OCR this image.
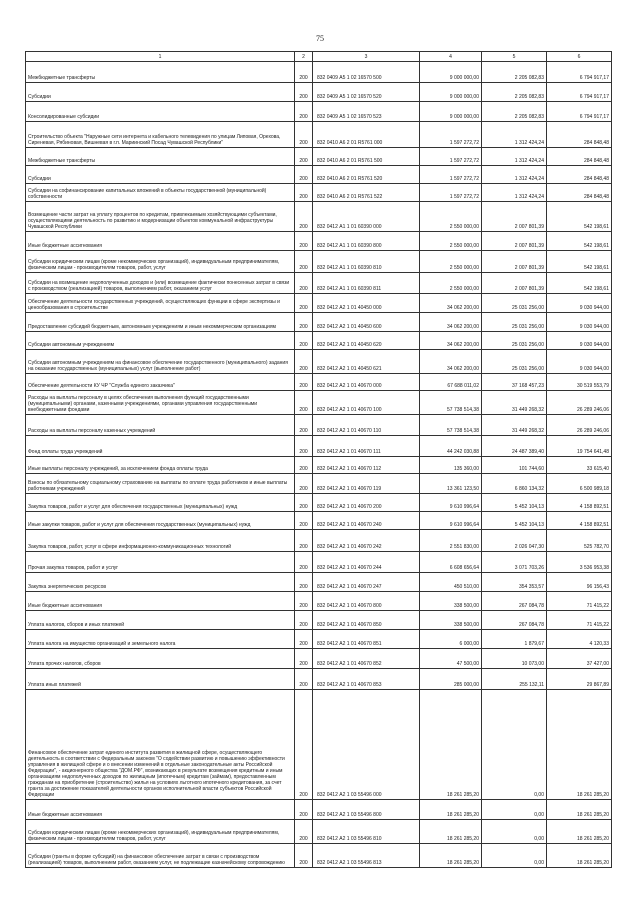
75
1	2	3	4	5	6
Межбюджетные трансферты	200	832 0409 А5 1 02 16570 500	9 000 000,00	2 205 082,83	6 794 917,17
Субсидии	200	832 0409 А5 1 02 16570 520	9 000 000,00	2 205 082,83	6 794 917,17
Консолидированные субсидии	200	832 0409 А5 1 02 16570 523	9 000 000,00	2 205 082,83	6 794 917,17
Строительство объекта "Наружные сети интернета и кабельного телевидения по улицам Липовая, Орехова, Сиреневая, Рябиновая, Вишневая в г.п. Мариинский Посад Чувашской Республики"	200	832 0410 А6 2 01 R5761 000	1 597 272,72	1 312 424,24	284 848,48
Межбюджетные трансферты	200	832 0410 А6 2 01 R5761 500	1 597 272,72	1 312 424,24	284 848,48
Субсидии	200	832 0410 А6 2 01 R5761 520	1 597 272,72	1 312 424,24	284 848,48
Субсидии на софинансирование капитальных вложений в объекты государственной (муниципальной) собственности	200	832 0410 А6 2 01 R5761 522	1 597 272,72	1 312 424,24	284 848,48
Возмещение части затрат на уплату процентов по кредитам, привлекаемым хозяйствующими субъектами, осуществляющими деятельность по развитию и модернизации объектов коммунальной инфраструктуры Чувашской Республики	200	832 0412 А1 1 01 60390 000	2 550 000,00	2 007 801,39	542 198,61
Иные бюджетные ассигнования	200	832 0412 А1 1 01 60390 800	2 550 000,00	2 007 801,39	542 198,61
Субсидии юридическим лицам (кроме некоммерческих организаций), индивидуальным предпринимателям, физическим лицам - производителям товаров, работ, услуг	200	832 0412 А1 1 01 60390 810	2 550 000,00	2 007 801,39	542 198,61
Субсидии на возмещение недополученных доходов и (или) возмещение фактически понесенных затрат в связи с производством (реализацией) товаров, выполнением работ, оказанием услуг	200	832 0412 А1 1 01 60390 811	2 550 000,00	2 007 801,39	542 198,61
Обеспечение деятельности государственных учреждений, осуществляющих функции в сфере экспертизы и ценообразования в строительстве	200	832 0412 А2 1 01 40450 000	34 062 200,00	25 031 256,00	9 030 944,00
Предоставление субсидий бюджетным, автономным учреждениям и иным некоммерческим организациям	200	832 0412 А2 1 01 40450 600	34 062 200,00	25 031 256,00	9 030 944,00
Субсидии автономным учреждениям	200	832 0412 А2 1 01 40450 620	34 062 200,00	25 031 256,00	9 030 944,00
Субсидии автономным учреждениям на финансовое обеспечение государственного (муниципального) задания на оказание государственных (муниципальных) услуг (выполнение работ)	200	832 0412 А2 1 01 40450 621	34 062 200,00	25 031 256,00	9 030 944,00
Обеспечение деятельности КУ ЧР "Служба единого заказчика"	200	832 0412 А2 1 01 40670 000	67 688 011,02	37 168 457,23	30 519 553,79
Расходы на выплаты персоналу в целях обеспечения выполнения функций государственными (муниципальными) органами, казенными учреждениями, органами управления государственными внебюджетными фондами	200	832 0412 А2 1 01 40670 100	57 738 514,38	31 449 268,32	26 289 246,06
Расходы на выплаты персоналу казенных учреждений	200	832 0412 А2 1 01 40670 110	57 738 514,38	31 449 268,32	26 289 246,06
Фонд оплаты труда учреждений	200	832 0412 А2 1 01 40670 111	44 242 030,88	24 487 389,40	19 754 641,48
Иные выплаты персоналу учреждений, за исключением фонда оплаты труда	200	832 0412 А2 1 01 40670 112	135 360,00	101 744,60	33 615,40
Взносы по обязательному социальному страхованию на выплаты по оплате труда работников и иные выплаты работникам учреждений	200	832 0412 А2 1 01 40670 119	13 361 123,50	6 860 134,32	6 500 989,18
Закупка товаров, работ и услуг для обеспечения государственных (муниципальных) нужд	200	832 0412 А2 1 01 40670 200	9 610 996,64	5 452 104,13	4 158 892,51
Иные закупки товаров, работ и услуг для обеспечения государственных (муниципальных) нужд	200	832 0412 А2 1 01 40670 240	9 610 996,64	5 452 104,13	4 158 892,51
Закупка товаров, работ, услуг в сфере информационно-коммуникационных технологий	200	832 0412 А2 1 01 40670 242	2 551 830,00	2 026 047,30	525 782,70
Прочая закупка товаров, работ и услуг	200	832 0412 А2 1 01 40670 244	6 608 656,64	3 071 703,26	3 536 953,38
Закупка энергетических ресурсов	200	832 0412 А2 1 01 40670 247	450 510,00	354 353,57	96 156,43
Иные бюджетные ассигнования	200	832 0412 А2 1 01 40670 800	338 500,00	267 084,78	71 415,22
Уплата налогов, сборов и иных платежей	200	832 0412 А2 1 01 40670 850	338 500,00	267 084,78	71 415,22
Уплата налога на имущество организаций и земельного налога	200	832 0412 А2 1 01 40670 851	6 000,00	1 879,67	4 120,33
Уплата прочих налогов, сборов	200	832 0412 А2 1 01 40670 852	47 500,00	10 073,00	37 427,00
Уплата иных платежей	200	832 0412 А2 1 01 40670 853	285 000,00	255 132,11	29 867,89
Финансовое обеспечение затрат единого института развития в жилищной сфере, осуществляющего деятельность в соответствии с Федеральным законом "О содействии развитию и повышению эффективности управления в жилищной сфере и о внесении изменений в отдельные законодательные акты Российской Федерации", - акционерного общества "ДОМ.РФ", возникающих в результате возмещения кредитным и иным организациям недополученных доходов по жилищным (ипотечным) кредитам (займам), предоставленным гражданам на приобретение (строительство) жилья на условиях льготного ипотечного кредитования, за счет гранта за достижение показателей деятельности органов исполнительной власти субъектов Российской Федерации	200	832 0412 А2 1 03 55496 000	18 261 285,20	0,00	18 261 285,20
Иные бюджетные ассигнования	200	832 0412 А2 1 03 55496 800	18 261 285,20	0,00	18 261 285,20
Субсидии юридическим лицам (кроме некоммерческих организаций), индивидуальным предпринимателям, физическим лицам - производителям товаров, работ, услуг	200	832 0412 А2 1 03 55496 810	18 261 285,20	0,00	18 261 285,20
Субсидии (гранты в форме субсидий) на финансовое обеспечение затрат в связи с производством (реализацией) товаров, выполнением работ, оказанием услуг, не подлежащие казначейскому сопровождению	200	832 0412 А2 1 03 55496 813	18 261 285,20	0,00	18 261 285,20
